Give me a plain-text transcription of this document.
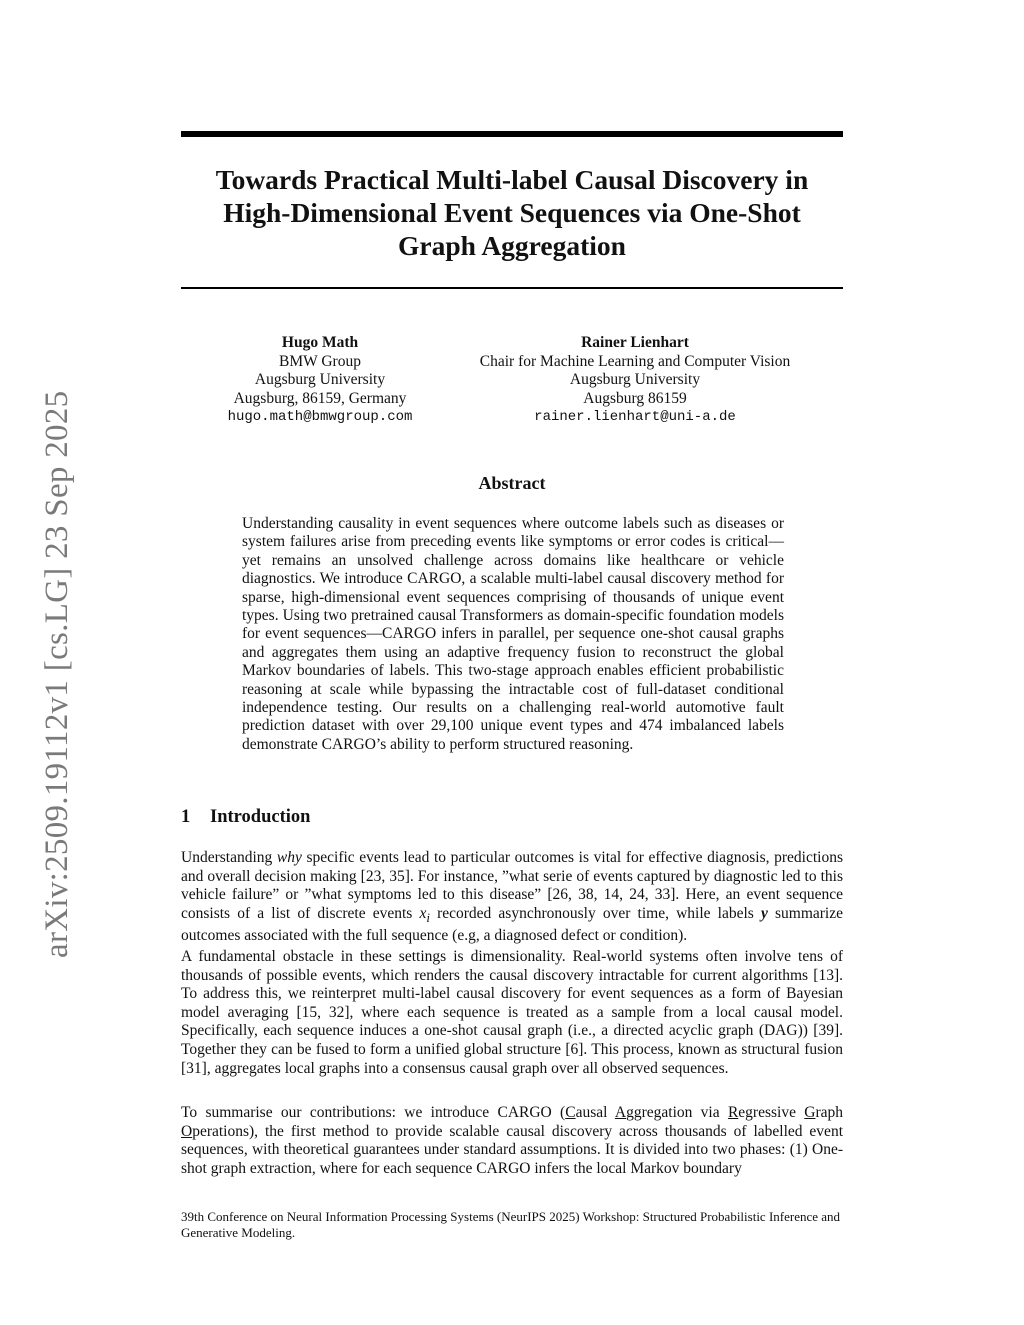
arXiv:2509.19112v1 [cs.LG] 23 Sep 2025
Towards Practical Multi-label Causal Discovery in
High-Dimensional Event Sequences via One-Shot
Graph Aggregation
Hugo Math
BMW Group
Augsburg University
Augsburg, 86159, Germany
hugo.math@bmwgroup.com
Rainer Lienhart
Chair for Machine Learning and Computer Vision
Augsburg University
Augsburg 86159
rainer.lienhart@uni-a.de
Abstract
Understanding causality in event sequences where outcome labels such as diseases or system failures arise from preceding events like symptoms or error codes is critical—yet remains an unsolved challenge across domains like healthcare or vehicle diagnostics. We introduce CARGO, a scalable multi-label causal discovery method for sparse, high-dimensional event sequences comprising of thousands of unique event types. Using two pretrained causal Transformers as domain-specific foundation models for event sequences—CARGO infers in parallel, per sequence one-shot causal graphs and aggregates them using an adaptive frequency fusion to reconstruct the global Markov boundaries of labels. This two-stage approach enables efficient probabilistic reasoning at scale while bypassing the intractable cost of full-dataset conditional independence testing. Our results on a challenging real-world automotive fault prediction dataset with over 29,100 unique event types and 474 imbalanced labels demonstrate CARGO’s ability to perform structured reasoning.
1 Introduction

Understanding why specific events lead to particular outcomes is vital for effective diagnosis, predictions and overall decision making [23, 35]. For instance, ”what serie of events captured by diagnostic led to this vehicle failure” or ”what symptoms led to this disease” [26, 38, 14, 24, 33]. Here, an event sequence consists of a list of discrete events $x_i$ recorded asynchronously over time, while labels y summarize outcomes associated with the full sequence (e.g, a diagnosed defect or condition).

A fundamental obstacle in these settings is dimensionality. Real-world systems often involve tens of thousands of possible events, which renders the causal discovery intractable for current algorithms [13]. To address this, we reinterpret multi-label causal discovery for event sequences as a form of Bayesian model averaging [15, 32], where each sequence is treated as a sample from a local causal model. Specifically, each sequence induces a one-shot causal graph (i.e., a directed acyclic graph (DAG)) [39]. Together they can be fused to form a unified global structure [6]. This process, known as structural fusion [31], aggregates local graphs into a consensus causal graph over all observed sequences.

To summarise our contributions: we introduce CARGO (Causal Aggregation via Regressive Graph Operations), the first method to provide scalable causal discovery across thousands of labelled event sequences, with theoretical guarantees under standard assumptions. It is divided into two phases: (1) One-shot graph extraction, where for each sequence CARGO infers the local Markov boundary

39th Conference on Neural Information Processing Systems (NeurIPS 2025) Workshop: Structured Probabilistic Inference and Generative Modeling.
